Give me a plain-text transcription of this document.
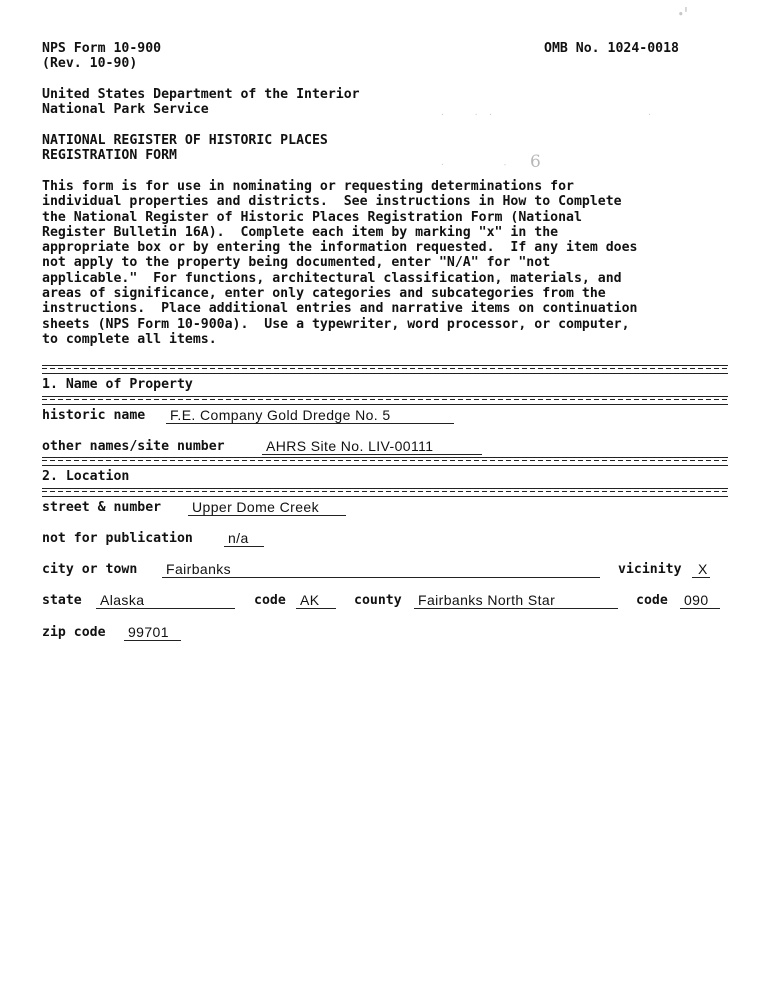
ꞏꞌ
NPS Form 10-900
(Rev. 10-90)
OMB No. 1024-0018
United States Department of the Interior
National Park Service
NATIONAL REGISTER OF HISTORIC PLACES
REGISTRATION FORM
·      ·  ·                                ·
6
·            -
This form is for use in nominating or requesting determinations for
individual properties and districts.  See instructions in How to Complete
the National Register of Historic Places Registration Form (National
Register Bulletin 16A).  Complete each item by marking "x" in the
appropriate box or by entering the information requested.  If any item does
not apply to the property being documented, enter "N/A" for "not
applicable."  For functions, architectural classification, materials, and
areas of significance, enter only categories and subcategories from the
instructions.  Place additional entries and narrative items on continuation
sheets (NPS Form 10-900a).  Use a typewriter, word processor, or computer,
to complete all items.
1. Name of Property
historic name F.E. Company Gold Dredge No. 5
other names/site number	AHRS Site No. LIV-00111
2. Location
street & number Upper Dome Creek
not for publication	n/a
city or town Fairbanks	vicinity	X
state Alaska	code AK	county Fairbanks North Star	code 090
zip code 99701
